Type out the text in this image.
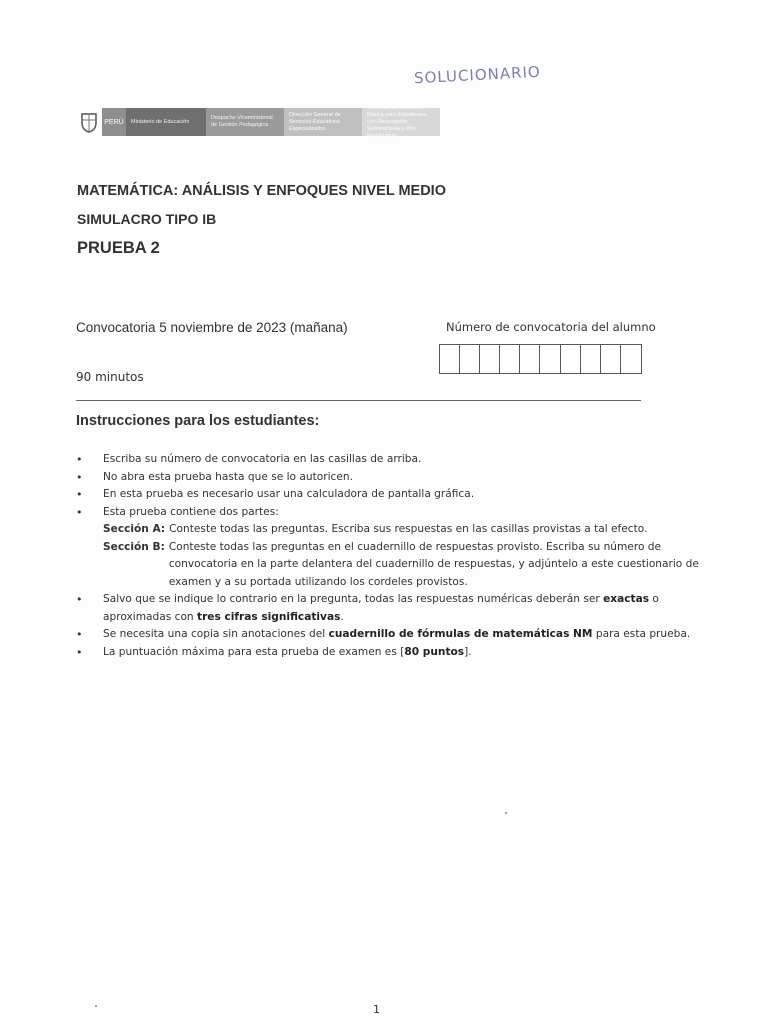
SOLUCIONARIO
PERÚ	Ministerio de Educación
Despacho Viceministerial de Gestión Pedagógica
Dirección General de Servicios Educativos Especializados
Dirección de Educación Básica para Estudiantes con Desempeño Sobresaliente y Alto Rendimiento
MATEMÁTICA: ANÁLISIS Y ENFOQUES NIVEL MEDIO
SIMULACRO TIPO IB
PRUEBA 2
Convocatoria 5 noviembre de 2023 (mañana)	Número de convocatoria del alumno
90 minutos
Instrucciones para los estudiantes:
• Escriba su número de convocatoria en las casillas de arriba.
• No abra esta prueba hasta que se lo autoricen.
• En esta prueba es necesario usar una calculadora de pantalla gráfica.
• Esta prueba contiene dos partes:
Sección A: Conteste todas las preguntas. Escriba sus respuestas en las casillas provistas a tal efecto.
Sección B: Conteste todas las preguntas en el cuadernillo de respuestas provisto. Escriba su número de convocatoria en la parte delantera del cuadernillo de respuestas, y adjúntelo a este cuestionario de examen y a su portada utilizando los cordeles provistos.
• Salvo que se indique lo contrario en la pregunta, todas las respuestas numéricas deberán ser exactas o aproximadas con tres cifras significativas.
• Se necesita una copia sin anotaciones del cuadernillo de fórmulas de matemáticas NM para esta prueba.
• La puntuación máxima para esta prueba de examen es [80 puntos].
1
